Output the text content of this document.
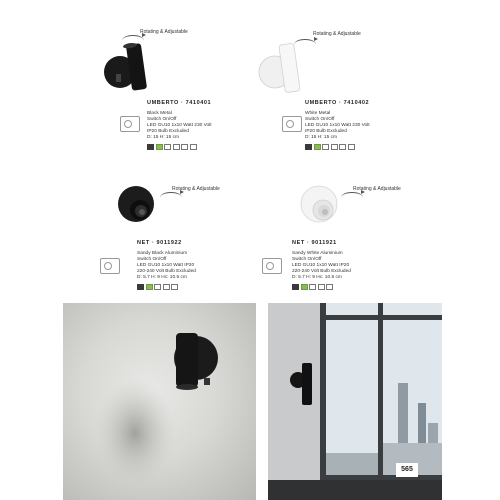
Rotating & Adjustable
UMBERTO · 7410401
Black Metal
Switch On/Off
LED GU10 1x10 Watt 230 Volt
IP20 Bulb Excluded
D: 15 H: 15 cm
Rotating & Adjustable
UMBERTO · 7410402
White Metal
Switch On/Off
LED GU10 1x10 Watt 230 Volt
IP20 Bulb Excluded
D: 15 H: 15 cm
Rotating & Adjustable
NET · 9011922
Sandy Black Aluminium
Switch On/Off
LED GU10 1x10 Watt IP20
220-240 Volt Bulb Excluded
D: 5.7 H: 9 Hc: 10.5 cm
Rotating & Adjustable
NET · 9011921
Sandy White Aluminium
Switch On/Off
LED GU10 1x10 Watt IP20
220-240 Volt Bulb Excluded
D: 5.7 H: 9 Hc: 10.5 cm
565
